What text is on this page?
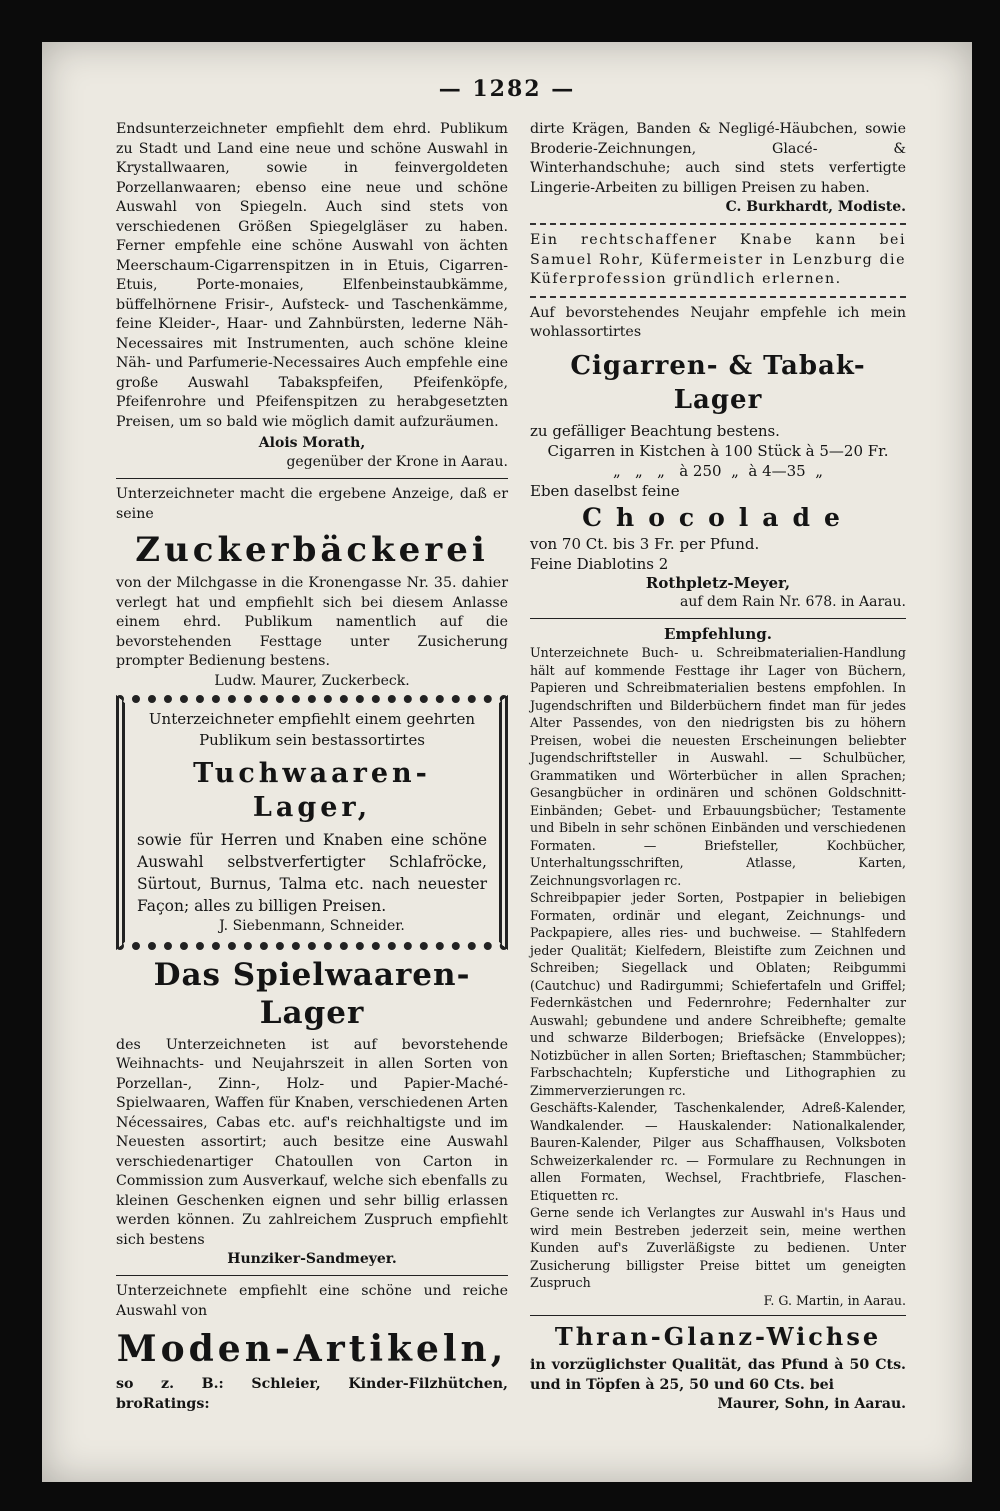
— 1282 —

Endsunterzeichneter empfiehlt dem ehrd. Publikum zu Stadt und Land eine neue und schöne Auswahl in Krystallwaaren, sowie in feinvergoldeten Porzellanwaaren; ebenso eine neue und schöne Auswahl von Spiegeln. Auch sind stets von verschiedenen Größen Spiegelgläser zu haben. Ferner empfehle eine schöne Auswahl von ächten Meerschaum-Cigarrenspitzen in in Etuis, Cigarren-Etuis, Porte-monaies, Elfenbeinstaubkämme, büffelhörnene Frisir-, Aufsteck- und Taschenkämme, feine Kleider-, Haar- und Zahnbürsten, lederne Näh-Necessaires mit Instrumenten, auch schöne kleine Näh- und Parfumerie-Necessaires Auch empfehle eine große Auswahl Tabakspfeifen, Pfeifenköpfe, Pfeifenrohre und Pfeifenspitzen zu herabgesetzten Preisen, um so bald wie möglich damit aufzuräumen.

Alois Morath,

gegenüber der Krone in Aarau.

Unterzeichneter macht die ergebene Anzeige, daß er seine

Zuckerbäckerei

von der Milchgasse in die Kronengasse Nr. 35. dahier verlegt hat und empfiehlt sich bei diesem Anlasse einem ehrd. Publikum namentlich auf die bevorstehenden Festtage unter Zusicherung prompter Bedienung bestens.

Ludw. Maurer, Zuckerbeck.

Unterzeichneter empfiehlt einem geehrten Publikum sein bestassortirtes

Tuchwaaren-Lager,

sowie für Herren und Knaben eine schöne Auswahl selbstverfertigter Schlafröcke, Sürtout, Burnus, Talma etc. nach neuester Façon; alles zu billigen Preisen.

J. Siebenmann, Schneider.

Das Spielwaaren-Lager

des Unterzeichneten ist auf bevorstehende Weihnachts- und Neujahrszeit in allen Sorten von Porzellan-, Zinn-, Holz- und Papier-Maché-Spielwaaren, Waffen für Knaben, verschiedenen Arten Nécessaires, Cabas etc. auf's reichhaltigste und im Neuesten assortirt; auch besitze eine Auswahl verschiedenartiger Chatoullen von Carton in Commission zum Ausverkauf, welche sich ebenfalls zu kleinen Geschenken eignen und sehr billig erlassen werden können. Zu zahlreichem Zuspruch empfiehlt sich bestens

Hunziker-Sandmeyer.

Unterzeichnete empfiehlt eine schöne und reiche Auswahl von

Moden-Artikeln,

so z. B.: Schleier, Kinder-Filzhütchen, broRatings:

dirte Krägen, Banden & Negligé-Häubchen, sowie Broderie-Zeichnungen, Glacé- & Winterhandschuhe; auch sind stets verfertigte Lingerie-Arbeiten zu billigen Preisen zu haben.

C. Burkhardt, Modiste.

Ein rechtschaffener Knabe kann bei Samuel Rohr, Küfermeister in Lenzburg die Küferprofession gründlich erlernen.

Auf bevorstehendes Neujahr empfehle ich mein wohlassortirtes

Cigarren- & Tabak-Lager

zu gefälliger Beachtung bestens.

Cigarren in Kistchen à 100 Stück à 5—20 Fr.

„   „   „   à 250  „  à 4—35  „

Eben daselbst feine

Chocolade

von 70 Ct. bis 3 Fr. per Pfund.

Feine Diablotins 2

Rothpletz-Meyer,

auf dem Rain Nr. 678. in Aarau.

Empfehlung.

Unterzeichnete Buch- u. Schreibmaterialien-Handlung hält auf kommende Festtage ihr Lager von Büchern, Papieren und Schreibmaterialien bestens empfohlen. In Jugendschriften und Bilderbüchern findet man für jedes Alter Passendes, von den niedrigsten bis zu höhern Preisen, wobei die neuesten Erscheinungen beliebter Jugendschriftsteller in Auswahl. — Schulbücher, Grammatiken und Wörterbücher in allen Sprachen; Gesangbücher in ordinären und schönen Goldschnitt-Einbänden; Gebet- und Erbauungsbücher; Testamente und Bibeln in sehr schönen Einbänden und verschiedenen Formaten. — Briefsteller, Kochbücher, Unterhaltungsschriften, Atlasse, Karten, Zeichnungsvorlagen rc.

Schreibpapier jeder Sorten, Postpapier in beliebigen Formaten, ordinär und elegant, Zeichnungs- und Packpapiere, alles ries- und buchweise. — Stahlfedern jeder Qualität; Kielfedern, Bleistifte zum Zeichnen und Schreiben; Siegellack und Oblaten; Reibgummi (Cautchuc) und Radirgummi; Schiefertafeln und Griffel; Federnkästchen und Federnrohre; Federnhalter zur Auswahl; gebundene und andere Schreibhefte; gemalte und schwarze Bilderbogen; Briefsäcke (Enveloppes); Notizbücher in allen Sorten; Brieftaschen; Stammbücher; Farbschachteln; Kupferstiche und Lithographien zu Zimmerverzierungen rc.

Geschäfts-Kalender, Taschenkalender, Adreß-Kalender, Wandkalender. — Hauskalender: Nationalkalender, Bauren-Kalender, Pilger aus Schaffhausen, Volksboten Schweizerkalender rc. — Formulare zu Rechnungen in allen Formaten, Wechsel, Frachtbriefe, Flaschen-Etiquetten rc.

Gerne sende ich Verlangtes zur Auswahl in's Haus und wird mein Bestreben jederzeit sein, meine werthen Kunden auf's Zuverläßigste zu bedienen. Unter Zusicherung billigster Preise bittet um geneigten Zuspruch

F. G. Martin, in Aarau.

Thran-Glanz-Wichse

in vorzüglichster Qualität, das Pfund à 50 Cts. und in Töpfen à 25, 50 und 60 Cts. bei

Maurer, Sohn, in Aarau.
